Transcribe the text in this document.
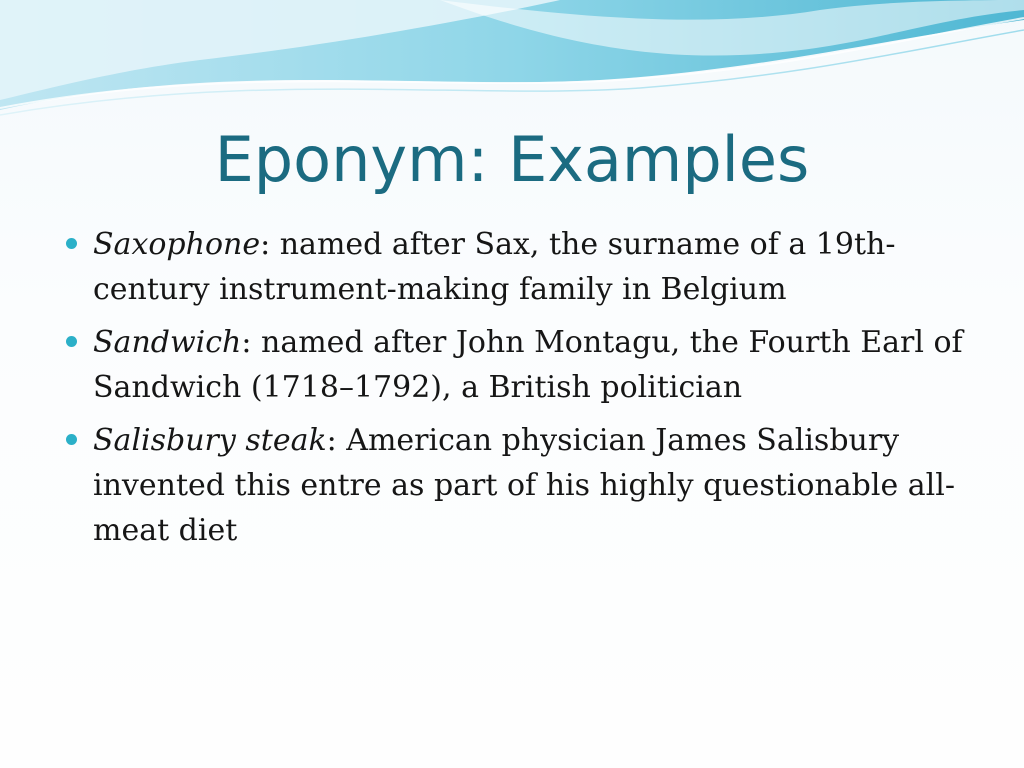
Eponym: Examples
Saxophone: named after Sax, the surname of a 19th-century instrument-making family in Belgium
Sandwich: named after John Montagu, the Fourth Earl of Sandwich (1718–1792), a British politician
Salisbury steak: American physician James Salisbury invented this entre as part of his highly questionable all-meat diet
